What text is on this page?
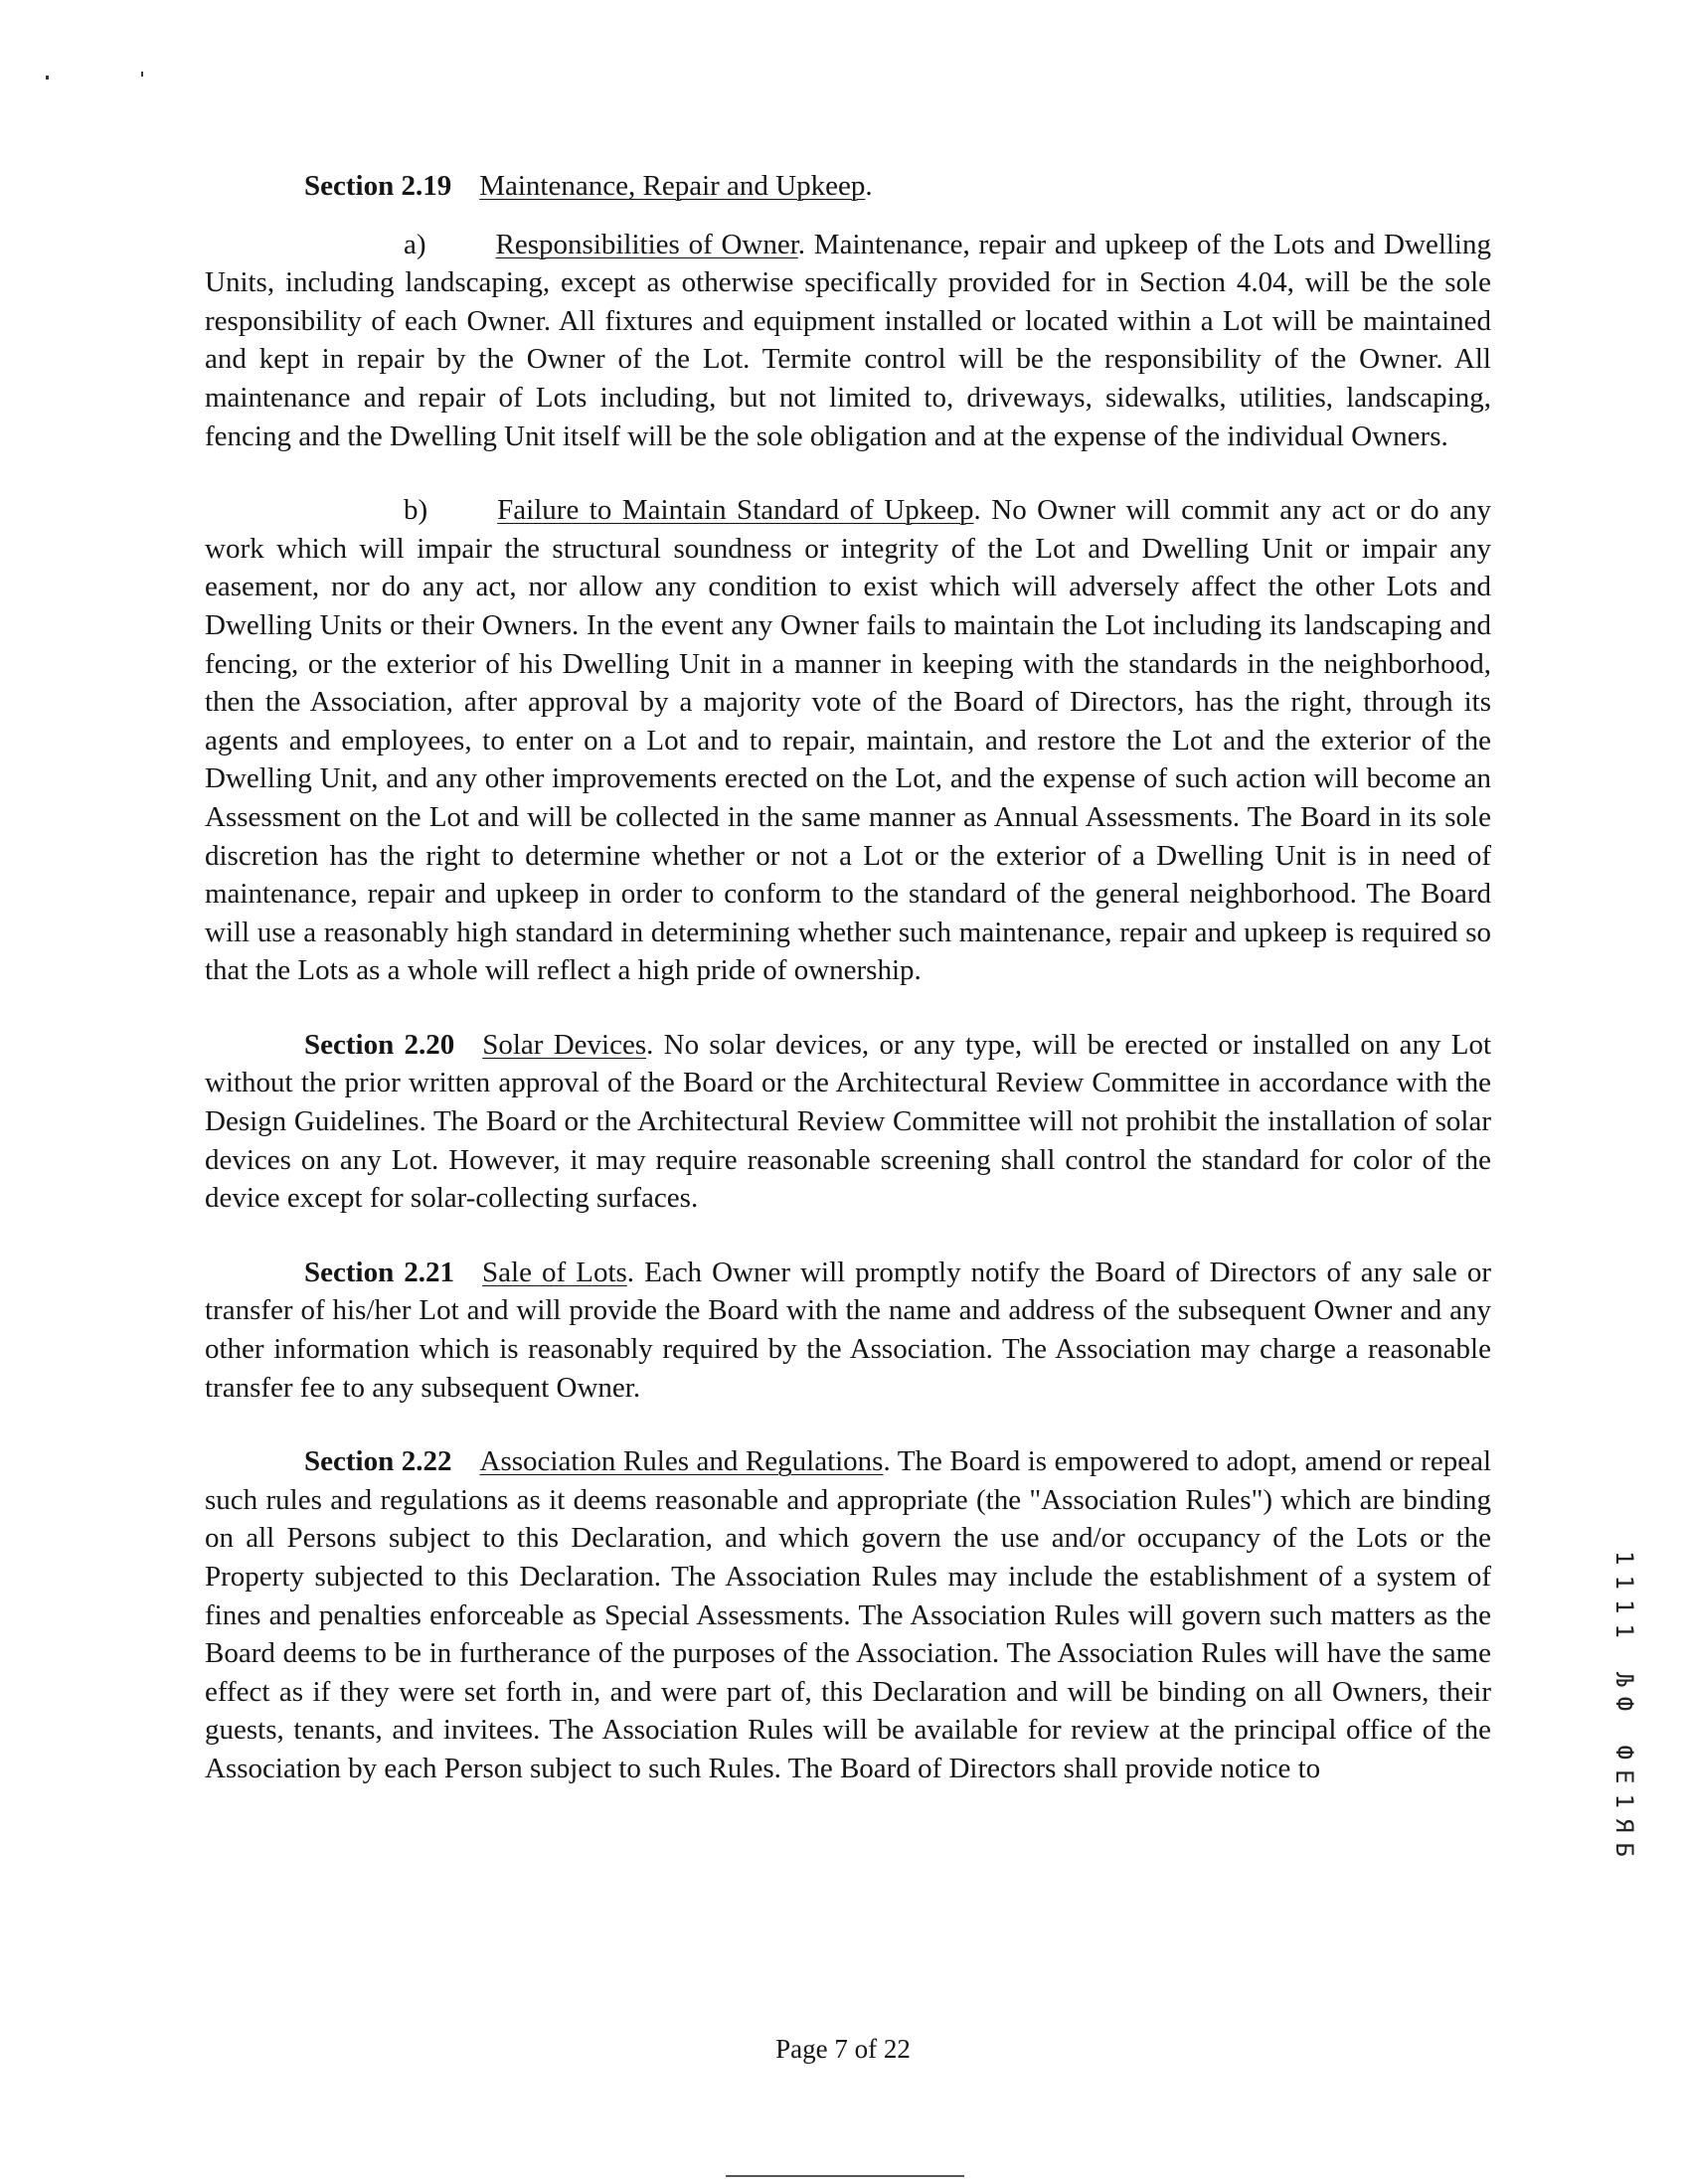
Section 2.19 Maintenance, Repair and Upkeep.

a) Responsibilities of Owner. Maintenance, repair and upkeep of the Lots and Dwelling Units, including landscaping, except as otherwise specifically provided for in Section 4.04, will be the sole responsibility of each Owner. All fixtures and equipment installed or located within a Lot will be maintained and kept in repair by the Owner of the Lot. Termite control will be the responsibility of the Owner. All maintenance and repair of Lots including, but not limited to, driveways, sidewalks, utilities, landscaping, fencing and the Dwelling Unit itself will be the sole obligation and at the expense of the individual Owners.

b) Failure to Maintain Standard of Upkeep. No Owner will commit any act or do any work which will impair the structural soundness or integrity of the Lot and Dwelling Unit or impair any easement, nor do any act, nor allow any condition to exist which will adversely affect the other Lots and Dwelling Units or their Owners. In the event any Owner fails to maintain the Lot including its landscaping and fencing, or the exterior of his Dwelling Unit in a manner in keeping with the standards in the neighborhood, then the Association, after approval by a majority vote of the Board of Directors, has the right, through its agents and employees, to enter on a Lot and to repair, maintain, and restore the Lot and the exterior of the Dwelling Unit, and any other improvements erected on the Lot, and the expense of such action will become an Assessment on the Lot and will be collected in the same manner as Annual Assessments. The Board in its sole discretion has the right to determine whether or not a Lot or the exterior of a Dwelling Unit is in need of maintenance, repair and upkeep in order to conform to the standard of the general neighborhood. The Board will use a reasonably high standard in determining whether such maintenance, repair and upkeep is required so that the Lots as a whole will reflect a high pride of ownership.

Section 2.20 Solar Devices. No solar devices, or any type, will be erected or installed on any Lot without the prior written approval of the Board or the Architectural Review Committee in accordance with the Design Guidelines. The Board or the Architectural Review Committee will not prohibit the installation of solar devices on any Lot. However, it may require reasonable screening shall control the standard for color of the device except for solar-collecting surfaces.

Section 2.21 Sale of Lots. Each Owner will promptly notify the Board of Directors of any sale or transfer of his/her Lot and will provide the Board with the name and address of the subsequent Owner and any other information which is reasonably required by the Association. The Association may charge a reasonable transfer fee to any subsequent Owner.

Section 2.22 Association Rules and Regulations. The Board is empowered to adopt, amend or repeal such rules and regulations as it deems reasonable and appropriate (the "Association Rules") which are binding on all Persons subject to this Declaration, and which govern the use and/or occupancy of the Lots or the Property subjected to this Declaration. The Association Rules may include the establishment of a system of fines and penalties enforceable as Special Assessments. The Association Rules will govern such matters as the Board deems to be in furtherance of the purposes of the Association. The Association Rules will have the same effect as if they were set forth in, and were part of, this Declaration and will be binding on all Owners, their guests, tenants, and invitees. The Association Rules will be available for review at the principal office of the Association by each Person subject to such Rules. The Board of Directors shall provide notice to	1111 ЉФ ФЕ1ЯБ
Page 7 of 22
